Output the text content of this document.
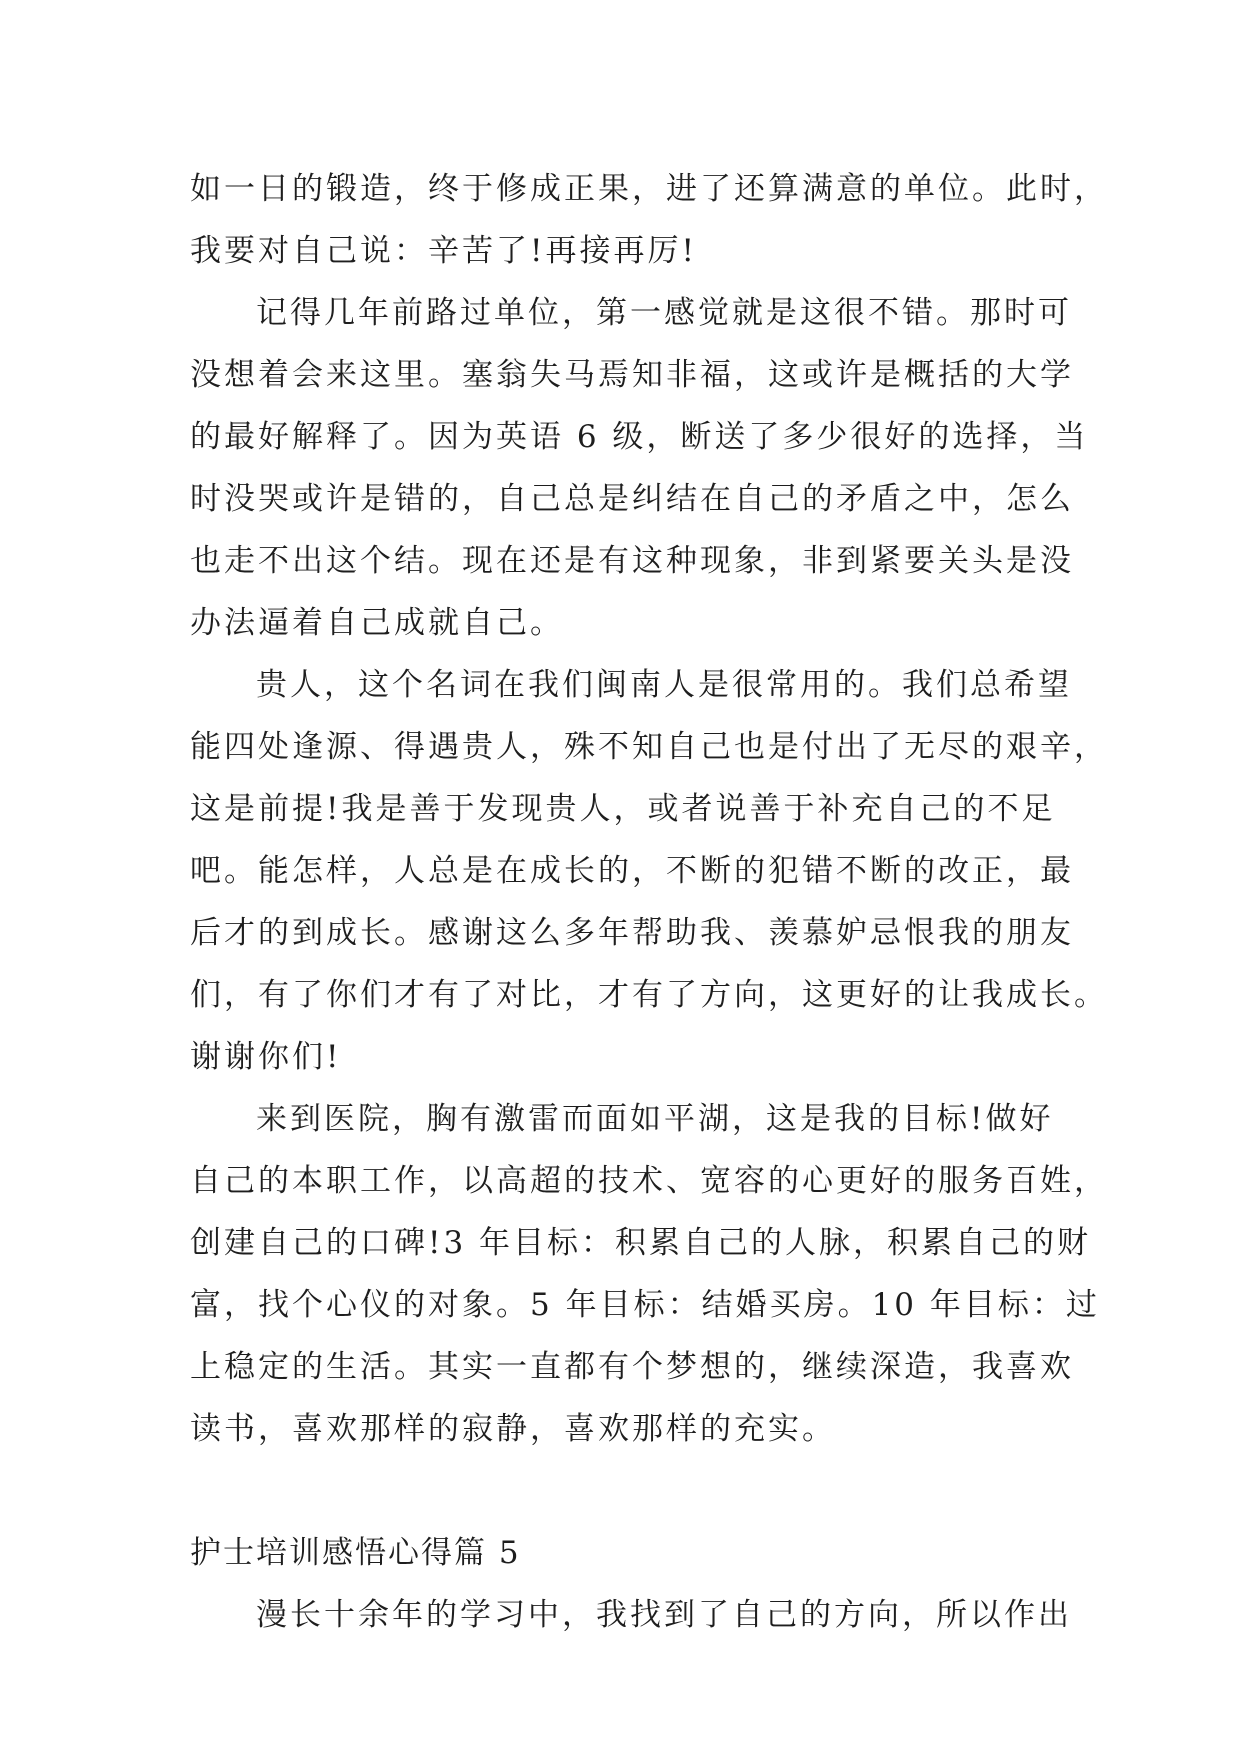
如一日的锻造，终于修成正果，进了还算满意的单位。此时，
我要对自己说：辛苦了!再接再厉!
记得几年前路过单位，第一感觉就是这很不错。那时可
没想着会来这里。塞翁失马焉知非福，这或许是概括的大学
的最好解释了。因为英语 6 级，断送了多少很好的选择，当
时没哭或许是错的，自己总是纠结在自己的矛盾之中，怎么
也走不出这个结。现在还是有这种现象，非到紧要关头是没
办法逼着自己成就自己。
贵人，这个名词在我们闽南人是很常用的。我们总希望
能四处逢源、得遇贵人，殊不知自己也是付出了无尽的艰辛，
这是前提!我是善于发现贵人，或者说善于补充自己的不足
吧。能怎样，人总是在成长的，不断的犯错不断的改正，最
后才的到成长。感谢这么多年帮助我、羡慕妒忌恨我的朋友
们，有了你们才有了对比，才有了方向，这更好的让我成长。
谢谢你们!
来到医院，胸有激雷而面如平湖，这是我的目标!做好
自己的本职工作，以高超的技术、宽容的心更好的服务百姓，
创建自己的口碑!3 年目标：积累自己的人脉，积累自己的财
富，找个心仪的对象。5 年目标：结婚买房。10 年目标：过
上稳定的生活。其实一直都有个梦想的，继续深造，我喜欢
读书，喜欢那样的寂静，喜欢那样的充实。
护士培训感悟心得篇 5
漫长十余年的学习中，我找到了自己的方向，所以作出
